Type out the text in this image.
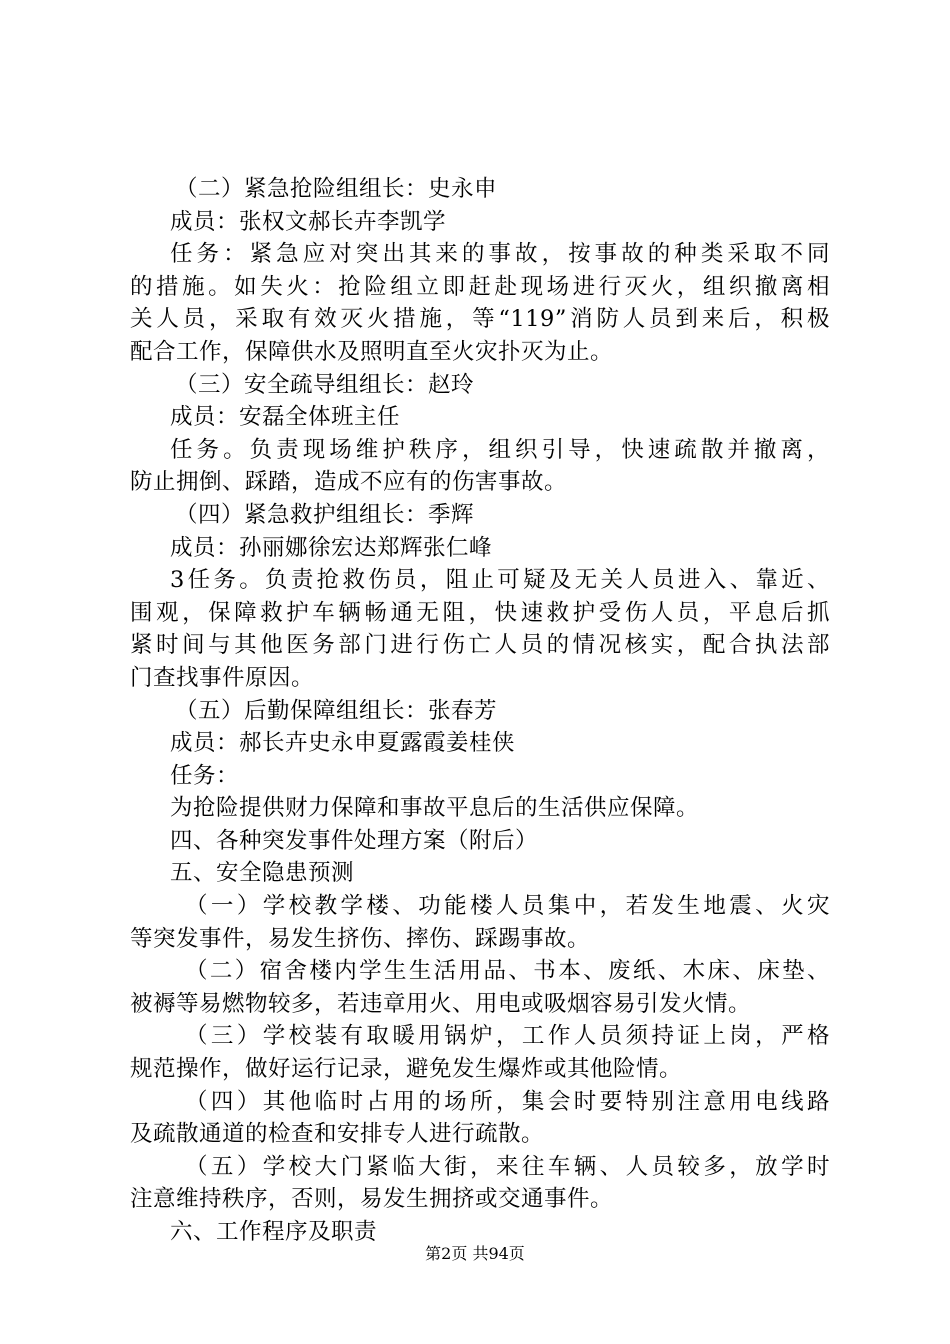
（二）紧急抢险组组长：史永申
成员：张权文郝长卉李凯学
任务：紧急应对突出其来的事故，按事故的种类采取不同
的措施。如失火：抢险组立即赶赴现场进行灭火，组织撤离相
关人员，采取有效灭火措施，等“119”消防人员到来后，积极
配合工作，保障供水及照明直至火灾扑灭为止。
（三）安全疏导组组长：赵玲
成员：安磊全体班主任
任务。负责现场维护秩序，组织引导，快速疏散并撤离，
防止拥倒、踩踏，造成不应有的伤害事故。
（四）紧急救护组组长：季辉
成员：孙丽娜徐宏达郑辉张仁峰
3任务。负责抢救伤员，阻止可疑及无关人员进入、靠近、
围观，保障救护车辆畅通无阻，快速救护受伤人员，平息后抓
紧时间与其他医务部门进行伤亡人员的情况核实，配合执法部
门查找事件原因。
（五）后勤保障组组长：张春芳
成员：郝长卉史永申夏露霞姜桂侠
任务：
为抢险提供财力保障和事故平息后的生活供应保障。
四、各种突发事件处理方案（附后）
五、安全隐患预测
（一）学校教学楼、功能楼人员集中，若发生地震、火灾
等突发事件，易发生挤伤、摔伤、踩踢事故。
（二）宿舍楼内学生生活用品、书本、废纸、木床、床垫、
被褥等易燃物较多，若违章用火、用电或吸烟容易引发火情。
（三）学校装有取暖用锅炉，工作人员须持证上岗，严格
规范操作，做好运行记录，避免发生爆炸或其他险情。
（四）其他临时占用的场所，集会时要特别注意用电线路
及疏散通道的检查和安排专人进行疏散。
（五）学校大门紧临大街，来往车辆、人员较多，放学时
注意维持秩序，否则，易发生拥挤或交通事件。
六、工作程序及职责
第2页 共94页
